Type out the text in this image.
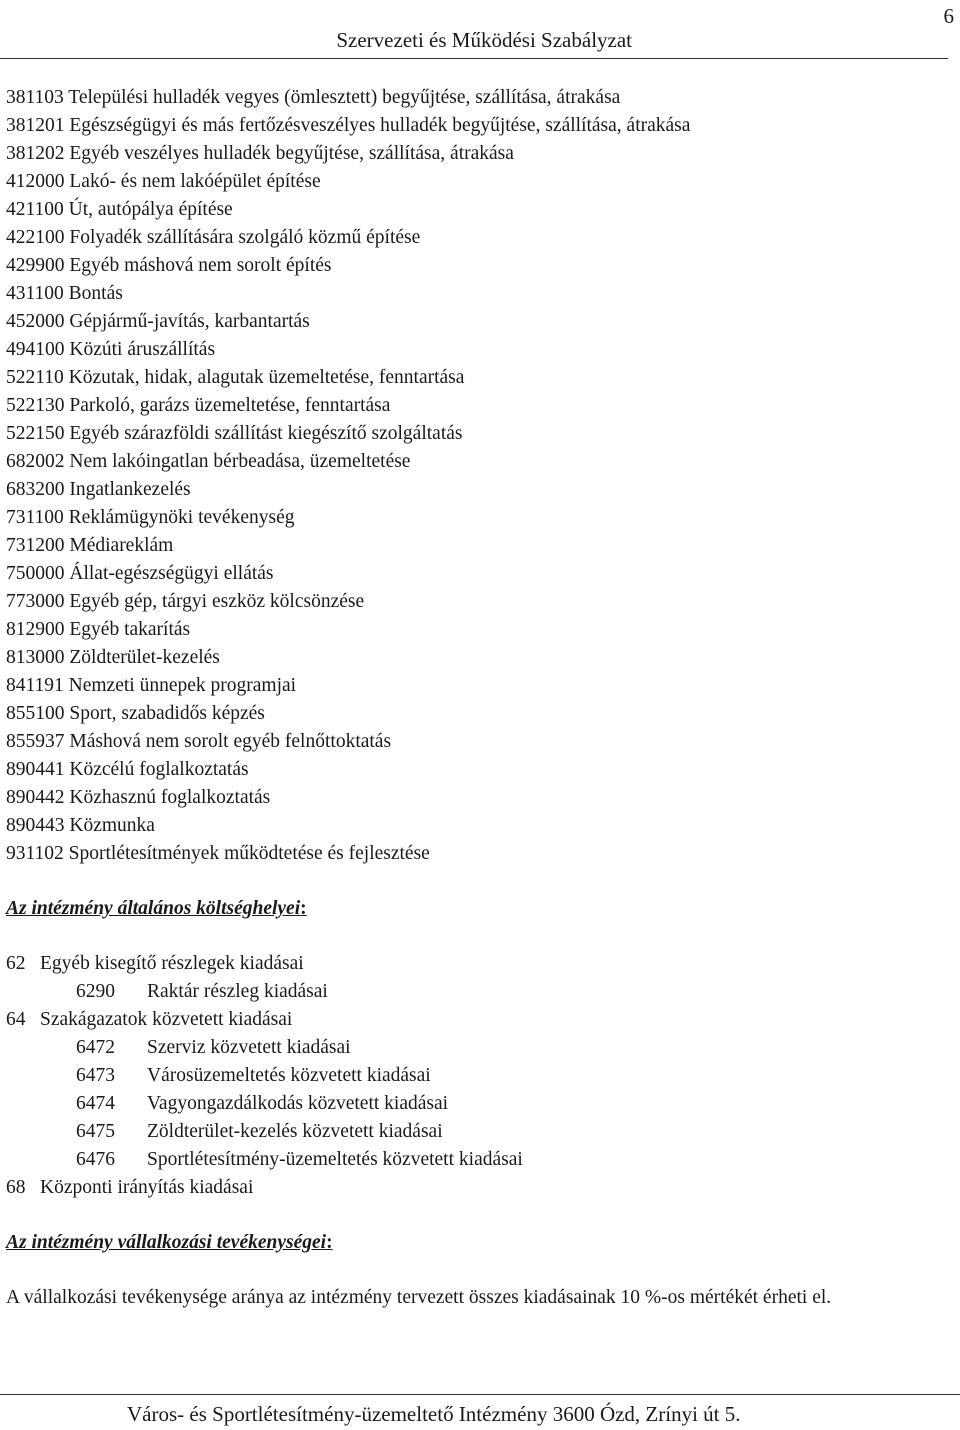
6
Szervezeti és Működési Szabályzat
381103 Települési hulladék vegyes (ömlesztett) begyűjtése, szállítása, átrakása
381201 Egészségügyi és más fertőzésveszélyes hulladék begyűjtése, szállítása, átrakása
381202 Egyéb veszélyes hulladék begyűjtése, szállítása, átrakása
412000 Lakó- és nem lakóépület építése
421100 Út, autópálya építése
422100 Folyadék szállítására szolgáló közmű építése
429900 Egyéb máshová nem sorolt építés
431100 Bontás
452000 Gépjármű-javítás, karbantartás
494100 Közúti áruszállítás
522110 Közutak, hidak, alagutak üzemeltetése, fenntartása
522130 Parkoló, garázs üzemeltetése, fenntartása
522150 Egyéb szárazföldi szállítást kiegészítő szolgáltatás
682002 Nem lakóingatlan bérbeadása, üzemeltetése
683200 Ingatlankezelés
731100 Reklámügynöki tevékenység
731200 Médiareklám
750000 Állat-egészségügyi ellátás
773000 Egyéb gép, tárgyi eszköz kölcsönzése
812900 Egyéb takarítás
813000 Zöldterület-kezelés
841191 Nemzeti ünnepek programjai
855100 Sport, szabadidős képzés
855937 Máshová nem sorolt egyéb felnőttoktatás
890441 Közcélú foglalkoztatás
890442 Közhasznú foglalkoztatás
890443 Közmunka
931102 Sportlétesítmények működtetése és fejlesztése
Az intézmény általános költséghelyei:
62 Egyéb kisegítő részlegek kiadásai
6290 Raktár részleg kiadásai
64 Szakágazatok közvetett kiadásai
6472 Szerviz közvetett kiadásai
6473 Városüzemeltetés közvetett kiadásai
6474 Vagyongazdálkodás közvetett kiadásai
6475 Zöldterület-kezelés közvetett kiadásai
6476 Sportlétesítmény-üzemeltetés közvetett kiadásai
68 Központi irányítás kiadásai
Az intézmény vállalkozási tevékenységei:

A vállalkozási tevékenysége aránya az intézmény tervezett összes kiadásainak 10 %-os mértékét érheti el.

Város- és Sportlétesítmény-üzemeltető Intézmény 3600 Ózd, Zrínyi út 5.
